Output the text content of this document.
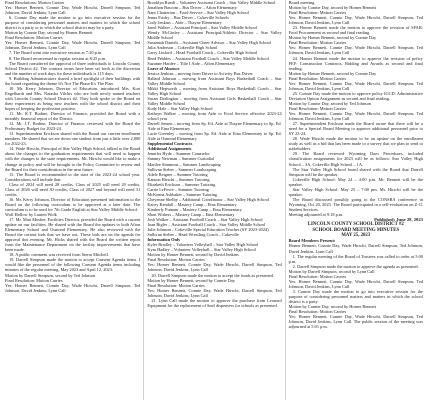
Final Resolutions: Motion Carries

Yes: Homer Bennett, Connie Day, Wade Hirschi, Darrell Simpson, Ted Johnson, David Jenkins, Lynn Call

6. Connie Day made the motion to go into executive session for the purpose of considering personnel matters and matters in which the school district is a party or to which the school district may be a party.

Motion by Connie Day, second by Homer Bennett

Final Resolution: Motion Carries

Yes: Homer Bennett, Connie Day, Wade Hirschi, Darrell Simpson, Ted Johnson, David Jenkins, Lynn Call

7. The Board went into executive session at 7:20 p.m.

8. The Board reconvened in regular session at 8:25 p.m.

The Board considered the approval of three individuals to Lincoln County School District #2. The contract terms have been set forth at the discretion and the number of work days for these individuals is 115 days.

9. Building Administrators shared a brief spotlight of their buildings with the board regarding the theme It's Not The Phase It's The Plan.

10. Mr. Kerry Johnson, Director of Education, introduced Mrs. Kori Engelhardt and Mrs. Natasha Vilchis who are both newly named teachers with Lincoln County School District #2. They both spoke to the Board on their experiences as being new teachers with the school district and their hopes of keeping the profession positive.

11. Mr. R.T. Bodine, Director of Finance, provided the Board with a monthly financial report of the District.

12. Mr. J.T. Bodine, Director of Finance, reviewed with the Board the Preliminary Budget for 2023-24.

13. Superintendent Erickson shared with the Board our current enrollment numbers. He shared that we are down one student from just a little over 2,800 for 2022-23.

14. Wade Hirschi, Principal of Star Valley High School, talked to the Board about the changes to the graduation requirements that will need to happen with the changes to the state requirements. Mr. Hirschi would like to make a change in policy and will be brought to the Policy Committee to review and the Board for their consideration in the near future.

15. The Board is recommended to the start of the 2023-24 school year. Considerations will include that:

Class of 2024 will need 28 credits, Class of 2025 will need 29 credits, Class of 2026 will need 30 credits, Class of 2027 and beyond will need 31 credits.

16. Mr. Kerry Johnson, Director of Education presented information to the Board on the following curriculum to be approved at a later date. The curriculum is to be used for 7th Grade English at Star Valley Middle School:

Wolf Hollow by Lauren Wolk

17. Mr. Matt Mosher, Facilities Director, provided the Board with a current update on our facilities. He shared with the Board the updates to both Afton Elementary School and Osmond Elementary. He also reviewed with the Board the current bids that we have out. These bids are on the agenda for approval this evening. Mr. Hicks shared with the Board the written report from the Maintenance Department on the facility improvements that have been made.

18. A public comment was received from Sierra Mitchell.

19. Darrell Simpson made the motion to accept Consent Agenda items. I would like the personnel of the following Consent Agenda items including minutes of the regular meeting, May 2023 and April 12, 2023.

Motion by Darrell Simpson, second by Ted Johnson

Final Resolution: Motion Carries

Yes: Homer Bennett, Connie Day, Wade Hirschi, Darrell Simpson, Ted Johnson, David Jenkins, Lynn Call

Brooklyn Ruedi – Volunteer Assistant Coach – Star Valley Middle School

Jonathon Bascom – Bus Driver – Afton Elementary

Nani Chatterton – Food Service – Star Valley High School

Jenna Frisby – Bus Driver – Cokeville Schools

Cody Jenkins – Aide – Thayne Elementary

Jared Walker – Assistant Principal – Star Valley Middle School

Wendy McGinley – Assistant Principal/Athletic Director – Star Valley Middle School

Susannah Daniels – Assistant Cheer Advisor – Star Valley High School

Julia Anderson – Cokeville High School

Garry Linford – Head Football Coach – Cokeville High School

Reed Pebbles – Assistant Football Coach – Star Valley Middle School

Suzanne Hardee – Title I Aide – Afton Elementary

Leave of Absence

Jessica Jenkins – moving from Driver to Activity Bus Driver

Ballard Johnson – moving from Assistant Boys Basketball Coach – Star Valley Middle School

Mikki Hepworth – moving from Assistant Boys Basketball Coach – Star Valley High School

Susan Darlington – moving from Assistant Girls Basketball Coach – Star Valley Middle School

Kody Hale – Star Valley High School

Kathryn Walker – moving from Aide to Food Service effective 2023-24 school year

Darrell Jensen – moving from Sp. Ed. Aide at Thayne Elementary to Sp. Ed. Aide at Etna Elementary

Lacie Greenley – moving from Sp. Ed. Aide at Etna Elementary to Sp. Ed. Aide at Osmond Elementary

Supplemental Contracts

Additional Assignments

Jennifer Hyde – Summer Counselor

Sammy Newman – Summer Custodial

Marilee Simmons – Summer Landscaping

Sullivan Sieber – Summer Landscaping

Adele Reigner – Summer Tutoring

Kanson Hirschi – Summer Tutoring

Elizabeth Erickson – Summer Tutoring

Carrie LeFevre – Summer Tutoring

McKenna Ashbaker – Summer Tutoring

Cheyenne Shelby – Additional Coordinator – Star Valley High School

Kacey Kendall – Mastery Camp – Etna Elementary

Kimberly Putnam – Mastery Camp – Etna Elementary

Shari Withers – Mastery Camp – Etna Elementary

Josh Walker – Assistant Football Coach – Star Valley High School

Joan Bigler – Assistant Football Coach – Star Valley Middle School

Julie Johnson – Cokeville Special Education Teacher (SY 2023-2024)

Sullivan Sieber – Head Wrestling Coach – Cokeville

Information Only

Kyler Bradley – Volunteer Volleyball – Star Valley High School

Kym Hadley – Volunteer Volleyball – Star Valley High School

Motion by Homer Bennett, second by David Jenkins

Final Resolution: Motion Carries

Yes: Homer Bennett, Connie Day, Wade Hirschi, Darrell Simpson, Ted Johnson, David Jenkins, Lynn Call

20. Darrell Simpson made the motion to accept the funds as presented.

Motion by Homer Bennett, second by Connie Day

Final Resolution: Motion Carries

Yes: Homer Bennett, Connie Day, Wade Hirschi, Darrell Simpson, Ted Johnson, David Jenkins, Lynn Call

21. Lynn Call made the motion to approve the purchase from Leonard Equipment for the replacement of Snel dispensers for schools as presented.

Board meeting.

Motion by Connie Day, second by Homer Bennett

Final Resolution: Motion Carries

Yes: Homer Bennett, Connie Day, Wade Hirschi, Darrell Simpson, Ted Johnson, David Jenkins, Lynn Call

23. Homer Bennett made the motion to approve the revision of SFAB: Food Procurement as second and final reading.

Motion by Homer Bennett, second by Connie Day

Final Resolution: Motion Carries

Yes: Homer Bennett, Connie Day, Wade Hirschi, Darrell Simpson, Ted Johnson, David Jenkins, Lynn Call

24. Homer Bennett made the motion to approve the revision of policy FEF: Construction Contracts, Bidding and Awards as second and final reading.

Motion by Homer Bennett, second by Connie Day

Final Resolution: Motion Carries

Yes: Homer Bennett, Connie Day, Wade Hirschi, Darrell Simpson, Ted Johnson, David Jenkins, Lynn Call

25. Connie Day made the motion to approve policy IGCD: Administrative Deviation Option Assignment as second and final reading.

Motion by Connie Day, second by Ted Johnson

Final Resolution: Motion Carries

Yes: Homer Bennett, Connie Day, Wade Hirschi, Darrell Simpson, Ted Johnson, David Jenkins, Lynn Call

27. Superintendent Erickson made the Board aware that there will be a need for a Special Board Meeting to approve additional personnel prior to SY 23-24.

28. Wade Hirschi made the motion to be on update on the enrollment study as well as a bid that has been made to a survey that we plan to send to stakeholders.

29. The Board reviewed Wyoming Dues Procedures, included classification assignments for 2023 will be as follows: Star Valley High School – 3A, Cokeville High School – 1A.

The Star Valley High School board shared with the Board that Darrell Simpson will be the speaker.

Cokeville High School: May 24 – 4:00 p.m. Mr. Bennett will be the speaker.

Star Valley High School: May 25 – 7:00 pm. Mr. Hirschi will be the speaker.

The Board discussed possibly going to the CONSBA conference in Wyoming, Oct 20, 2023. The Board participated in a self-evaluation on Z-11 Student Services.

Meeting adjourned at 9:18 p.m.

Published: June 28, 2023

LINCOLN COUNTY SCHOOL DISTRICT #2

SCHOOL BOARD MEETING MINUTES

MAY 25, 2023

Board Members Present:

Homer Bennett, Connie Day, Wade Hirschi, Darrell Simpson, Ted Johnson, David Jenkins, Lynn Call

1. The regular meeting of the Board of Trustees was called to order at 5:00 p.m.

2. Darrell Simpson made the motion to approve the agenda as presented.

Motion by Darrell Simpson, second by Lynn Call

Final Resolution: Motion Carries

Yes: Homer Bennett, Connie Day, Wade Hirschi, Darrell Simpson, Ted Johnson, David Jenkins, Lynn Call

3. Connie Day made the motion to go into executive session for the purpose of considering personnel matters and matters in which the school district is a party.

Motion by Connie Day, second by Homer Bennett

Final Resolution: Motion Carries

Yes: Homer Bennett, Connie Day, Wade Hirschi, Darrell Simpson, Ted Johnson, David Jenkins, Lynn Call. The public session of the meeting was adjourned at 5:01 p.m.
